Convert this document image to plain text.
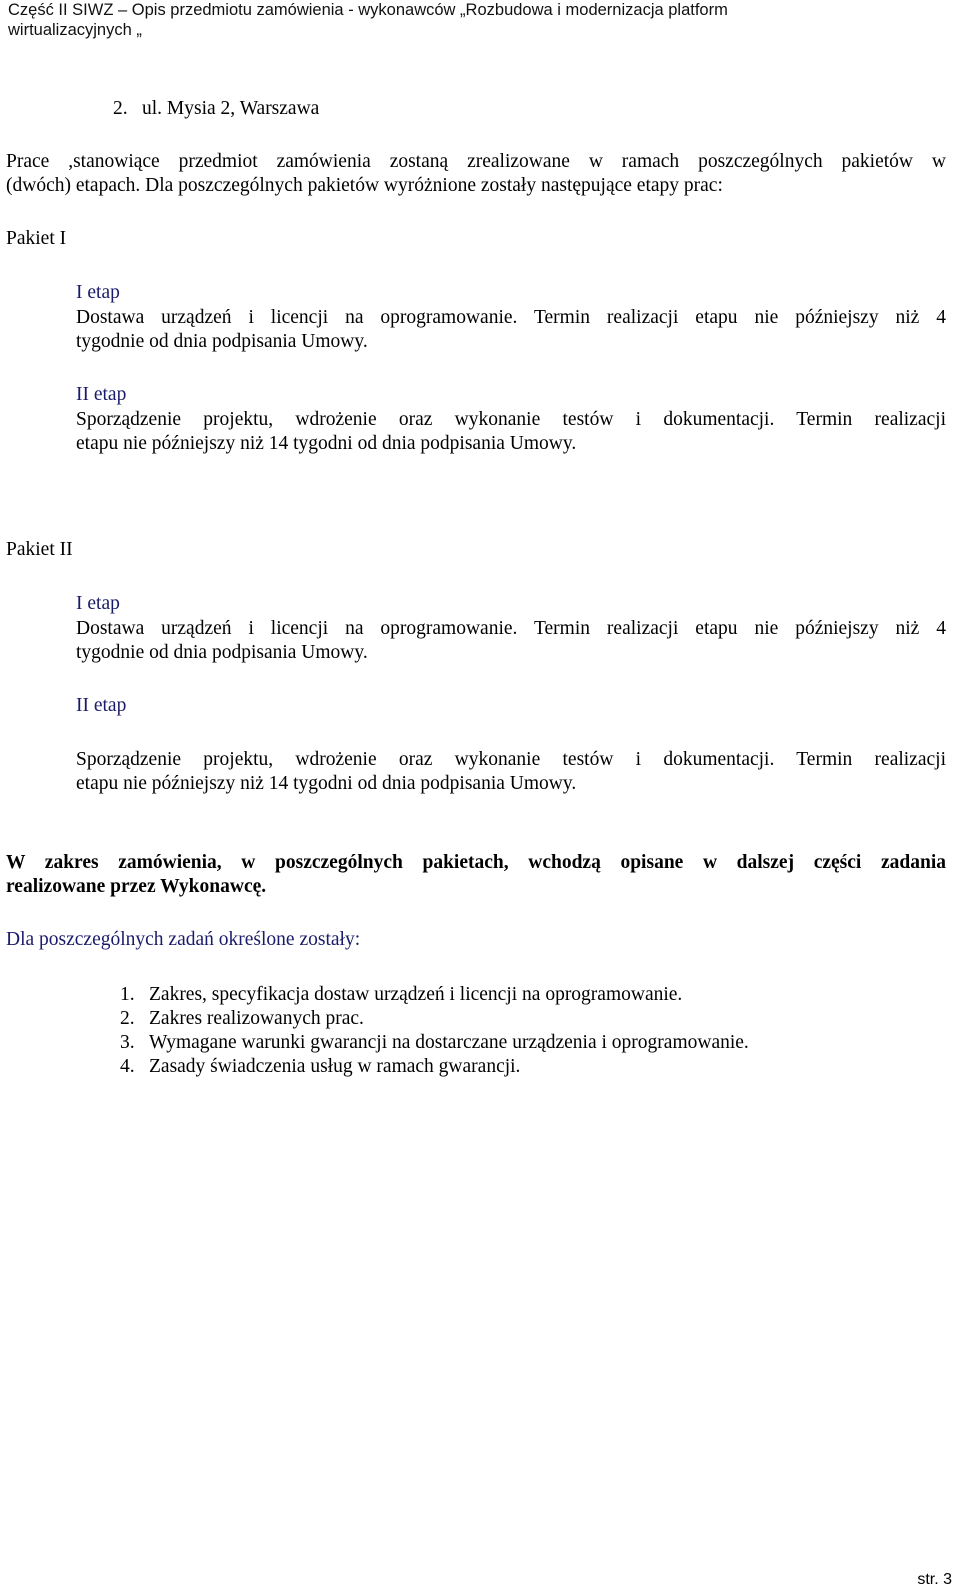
Część II SIWZ – Opis przedmiotu zamówienia - wykonawców „Rozbudowa i modernizacja platform
wirtualizacyjnych „
2. ul. Mysia 2, Warszawa
Prace ,stanowiące przedmiot zamówienia zostaną zrealizowane w ramach poszczególnych pakietów w
(dwóch) etapach. Dla poszczególnych pakietów wyróżnione zostały następujące etapy prac:
Pakiet I
I etap
Dostawa urządzeń i licencji na oprogramowanie. Termin realizacji etapu nie późniejszy niż 4
tygodnie od dnia podpisania Umowy.
II etap
Sporządzenie projektu, wdrożenie oraz wykonanie testów i dokumentacji. Termin realizacji
etapu nie późniejszy niż 14 tygodni od dnia podpisania Umowy.
Pakiet II
I etap
Dostawa urządzeń i licencji na oprogramowanie. Termin realizacji etapu nie późniejszy niż 4
tygodnie od dnia podpisania Umowy.
II etap
Sporządzenie projektu, wdrożenie oraz wykonanie testów i dokumentacji. Termin realizacji
etapu nie późniejszy niż 14 tygodni od dnia podpisania Umowy.
W zakres zamówienia, w poszczególnych pakietach, wchodzą opisane w dalszej części zadania
realizowane przez Wykonawcę.
Dla poszczególnych zadań określone zostały:
1. Zakres, specyfikacja dostaw urządzeń i licencji na oprogramowanie.
2. Zakres realizowanych prac.
3. Wymagane warunki gwarancji na dostarczane urządzenia i oprogramowanie.
4. Zasady świadczenia usług w ramach gwarancji.
str. 3
